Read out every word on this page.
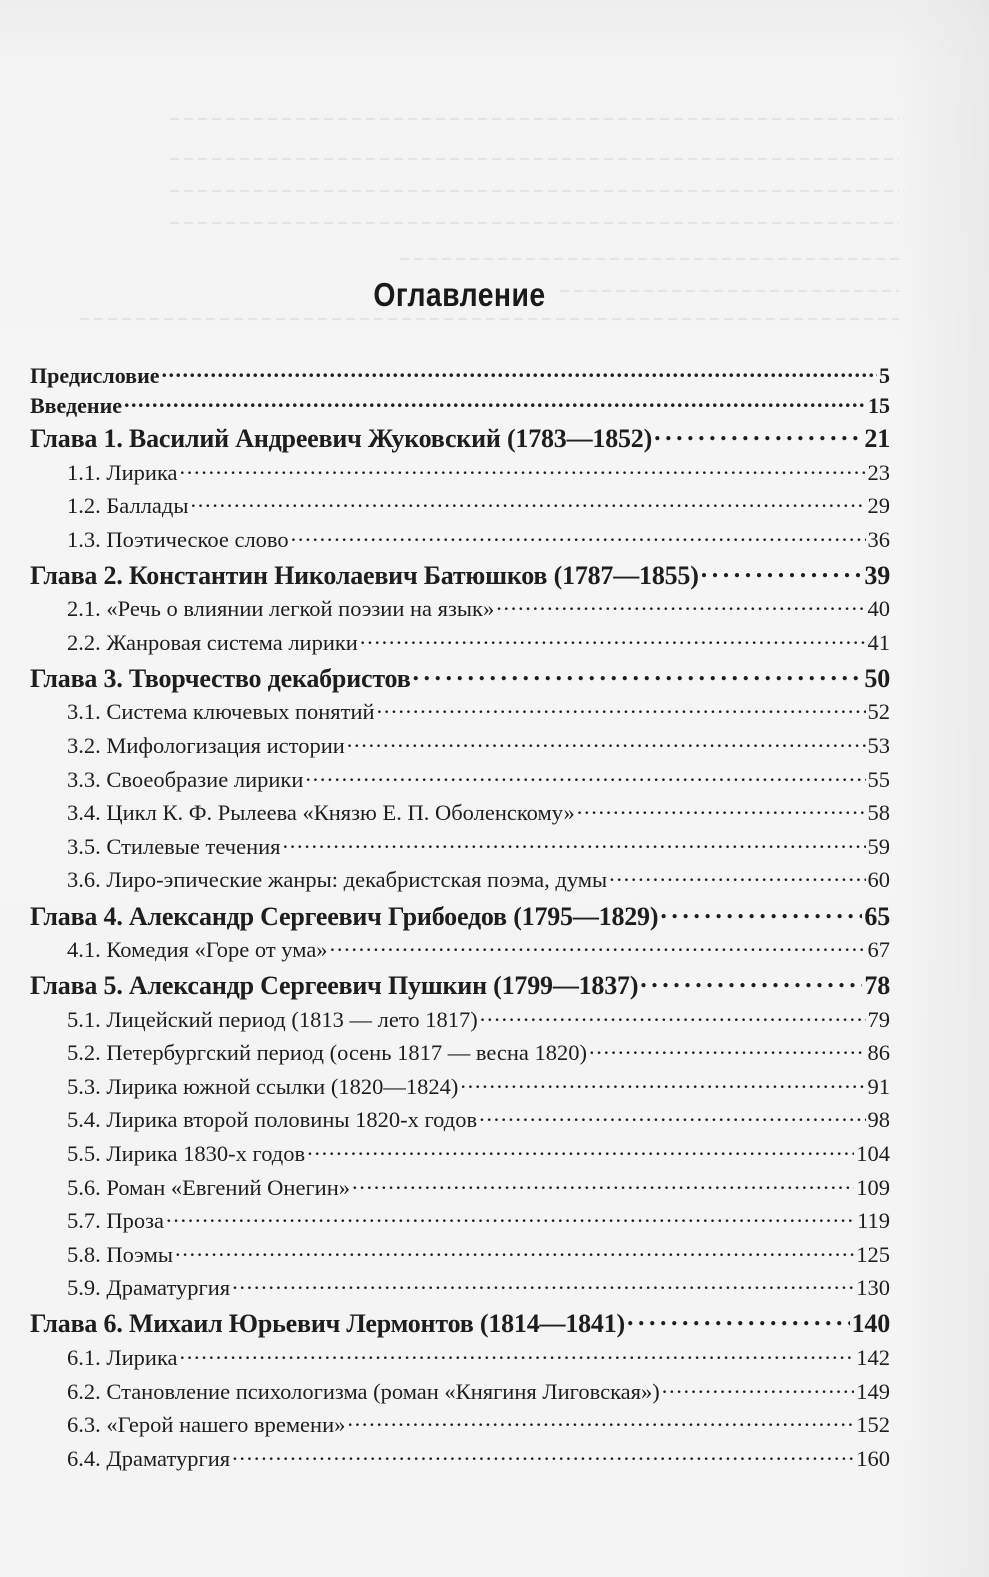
Оглавление
Предисловие . . .	5
Введение . . .	15
Глава 1. Василий Андреевич Жуковский (1783—1852) . . .	21
1.1. Лирика . . .	23
1.2. Баллады . . .	29
1.3. Поэтическое слово . . .	36
Глава 2. Константин Николаевич Батюшков (1787—1855) . . .	39
2.1. «Речь о влиянии легкой поэзии на язык» . . .	40
2.2. Жанровая система лирики . . .	41
Глава 3. Творчество декабристов . . .	50
3.1. Система ключевых понятий . . .	52
3.2. Мифологизация истории . . .	53
3.3. Своеобразие лирики . . .	55
3.4. Цикл К. Ф. Рылеева «Князю Е. П. Оболенскому» . . .	58
3.5. Стилевые течения . . .	59
3.6. Лиро-эпические жанры: декабристская поэма, думы . . .	60
Глава 4. Александр Сергеевич Грибоедов (1795—1829) . . .	65
4.1. Комедия «Горе от ума» . . .	67
Глава 5. Александр Сергеевич Пушкин (1799—1837) . . .	78
5.1. Лицейский период (1813 — лето 1817) . . .	79
5.2. Петербургский период (осень 1817 — весна 1820) . . .	86
5.3. Лирика южной ссылки (1820—1824) . . .	91
5.4. Лирика второй половины 1820-х годов . . .	98
5.5. Лирика 1830-х годов . . .	104
5.6. Роман «Евгений Онегин» . . .	109
5.7. Проза . . .	119
5.8. Поэмы . . .	125
5.9. Драматургия . . .	130
Глава 6. Михаил Юрьевич Лермонтов (1814—1841) . . .	140
6.1. Лирика . . .	142
6.2. Становление психологизма (роман «Княгиня Лиговская») . . .	149
6.3. «Герой нашего времени» . . .	152
6.4. Драматургия . . .	160
